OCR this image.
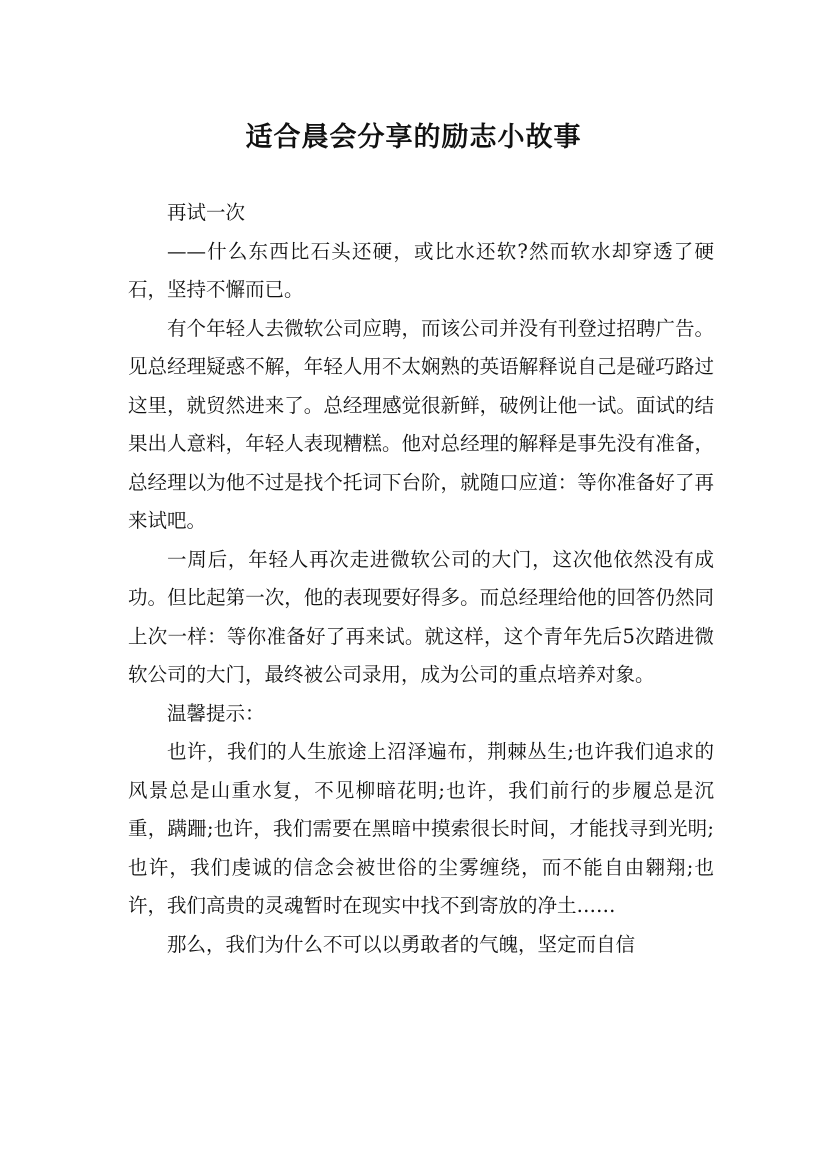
适合晨会分享的励志小故事

再试一次

——什么东西比石头还硬，或比水还软?然而软水却穿透了硬石，坚持不懈而已。

有个年轻人去微软公司应聘，而该公司并没有刊登过招聘广告。见总经理疑惑不解，年轻人用不太娴熟的英语解释说自己是碰巧路过这里，就贸然进来了。总经理感觉很新鲜，破例让他一试。面试的结果出人意料，年轻人表现糟糕。他对总经理的解释是事先没有准备，总经理以为他不过是找个托词下台阶，就随口应道：等你准备好了再来试吧。

一周后，年轻人再次走进微软公司的大门，这次他依然没有成功。但比起第一次，他的表现要好得多。而总经理给他的回答仍然同上次一样：等你准备好了再来试。就这样，这个青年先后5次踏进微软公司的大门，最终被公司录用，成为公司的重点培养对象。

温馨提示：

也许，我们的人生旅途上沼泽遍布，荆棘丛生;也许我们追求的风景总是山重水复，不见柳暗花明;也许，我们前行的步履总是沉重，蹒跚;也许，我们需要在黑暗中摸索很长时间，才能找寻到光明;也许，我们虔诚的信念会被世俗的尘雾缠绕，而不能自由翱翔;也许，我们高贵的灵魂暂时在现实中找不到寄放的净土……

那么，我们为什么不可以以勇敢者的气魄，坚定而自信
